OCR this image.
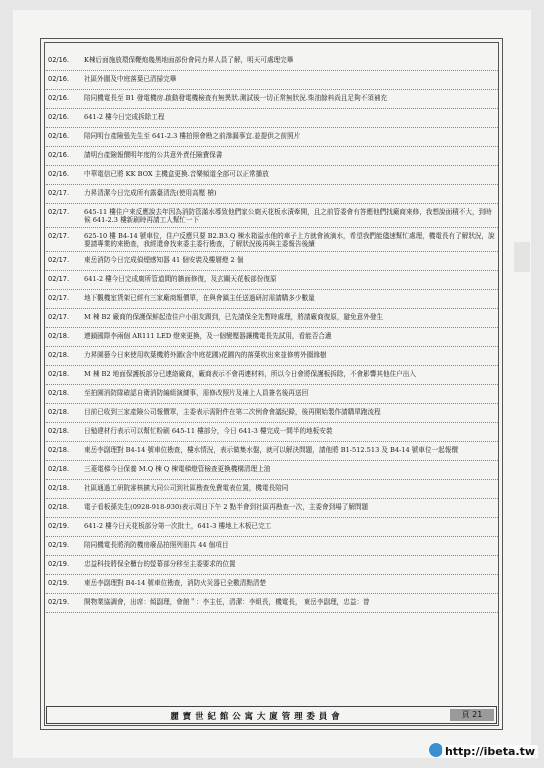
02/16.	K棟后面施放環保鞭炮幾黑地面部份會同力昇人員了解，明天可處理完畢
02/16.	社區外圍及中庭落葉已清掃完畢
02/16.	陪同機電長至 B1 發電機房.啟動發電機檢查有無異狀.測試後一切正常無狀況.柴油餘料尚且足夠不須補充
02/16.	641-2 樓今日完成拆除工程
02/16.	陪同明台產險張先生至 641-2.3 樓拍照會勘之前滲漏事宜.並提供之前照片
02/16.	請明台產險報價明年度的公共意外責任險費保書
02/16.	中華電信已將 KK BOX 主機盒更換.音樂頻道全部可以正常播放
02/17.	力昇清潔今日完成所有露臺清洗(使用高壓 槍)
02/17.	645-11 樓住户來反應說去年因為消防管滿水導致他們家公廁天花板水漬牽開，且之前管委會有答應他們找廠商來修，我想說面積不大，到時候 641-2.3 樓新刷時再請工人幫忙一下
02/17.	625-10 樓 B4-14 號車位，住户反應只要 B2.B3.Q 棟水箱溢水他的車子上方就會被滴水，希望我們能儘速幫忙處理，機電長有了解狀況，說要請專業的來勘查，我經還會找來委主委行勘查，了解狀況後再與主委報告後續
02/17.	東岳消防今日完成偵煙感知器 41 個安裝及樓層燈 2 個
02/17.	641-2 樓今日完成廁所管道間的牆面修復，及玄關天花板部份復原
02/17.	地下觀機室貨架已經有三家廠商報價單，在與會鎮主任送過研討需請購多少數量
02/17.	M 棟 B2 廠商的保護保鮮起造住户小朋友踢到，已先請保全先暫時處理，將請廠商復原，避免意外發生
02/18.	連鎖國際李兩個 AR111 LED 燈來更換，及一個變壓器讓機電長先試用，看能否合適
02/18.	力昇園藝今日來使用吹葉機將外圍(含中庭花圃)花圃內的落葉吹出來並修剪外圍緣樹
02/18.	M 棟 B2 地面保護板部分已連絡廠商，廠商表示不會再連材料，所以今日會將保護板拆除，不會影響其他住户出入
02/18.	至拍園消防隊確認自衛消防編組演練事，需修改照片及補上人員簽名後再送回
02/18.	目前已收到三家產險公司報價單，主委表示需附件在第二次例會會議紀錄，後再開始製作請購單跑流程
02/18.	日勉建材行表示可以幫忙粉刷 645-11 樓部分，今日 641-3 樓完成一間半的地板安裝
02/18.	東岳李副理對 B4-14 號車位勘查，樓水情況，表示做集水盤，就可以解決問題，請他將 B1-512.513 及 B4-14 號車位一起報價
02/18.	三菱電梯今日保養 M.Q 棟 Q 棟電梯燈管檢查更換機構清理上油
02/18.	社區通過工研院審核擴大同公司到社區勘查免費電表位置，機電長陪同
02/18.	電子看板孫先生(0928-918-930)表示周日下午 2 點半會到社區再勘查一次，主委會到場了解問題
02/19.	641-2 樓今日天花板部分第一次批土，641-3 樓地上木板已完工
02/19.	陪同機電長將消防機房廢品拍照列冊共 44 個項目
02/19.	忠益科技將保全櫃台的螢幕部分移至主委要求的位置
02/19.	東岳李副理對 B4-14 號車位勘查，消防火災器已全數清點清楚
02/19.	開物業協調會，出席：傾副理，會館＂：李主任，清潔：李組長，機電長， 東岳李副理，忠益：曾
麗寶世紀館公寓大廈管理委員會	頁 21
http://ibeta.tw
